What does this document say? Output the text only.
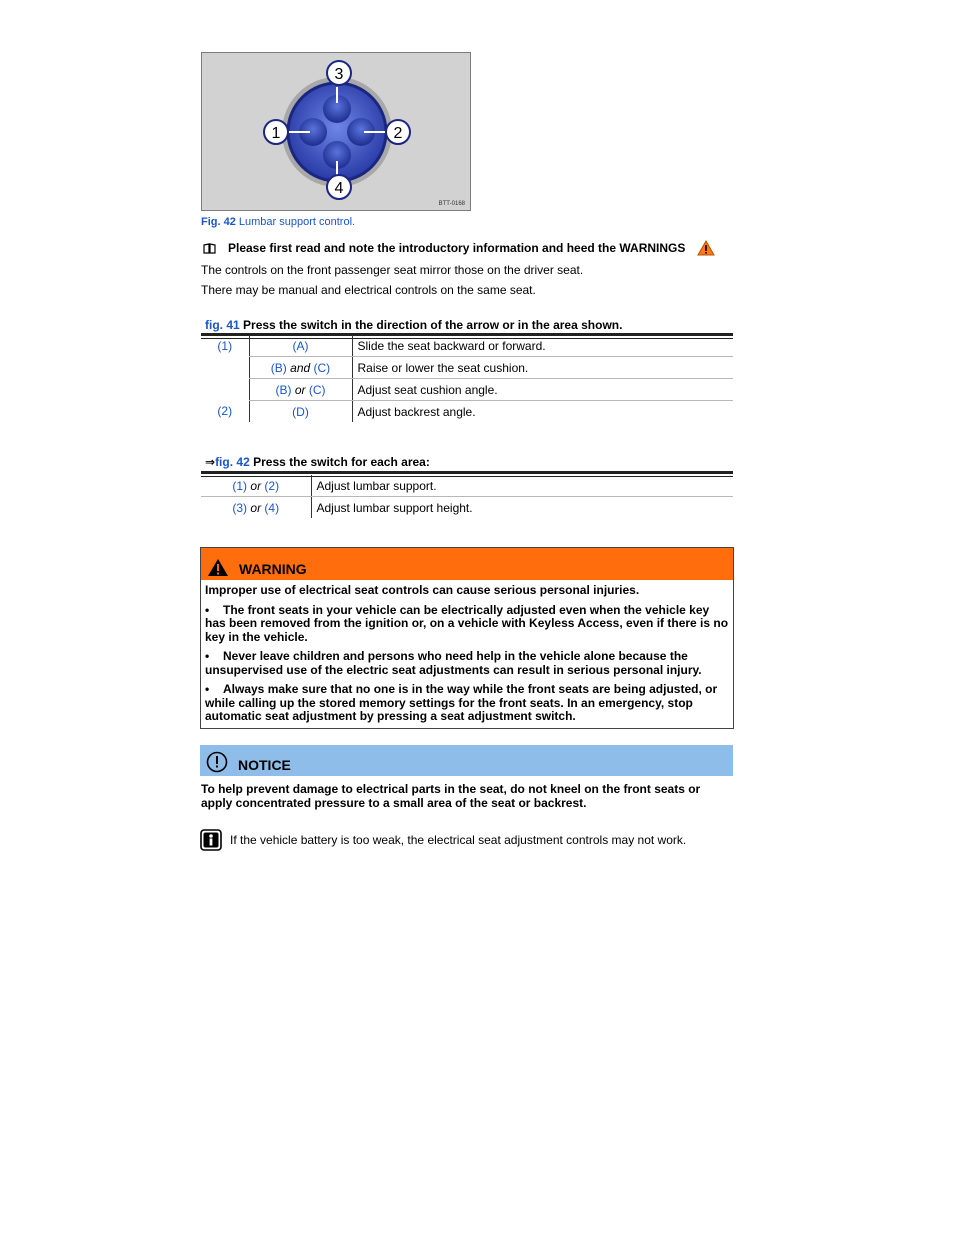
3
1	2
4
BTT-0168
Fig. 42 Lumbar support control.
Please first read and note the introductory information and heed the WARNINGS
The controls on the front passenger seat mirror those on the driver seat.
There may be manual and electrical controls on the same seat.
fig. 41 Press the switch in the direction of the arrow or in the area shown.
(1)	(A)	Slide the seat backward or forward.
	(B) and (C)	Raise or lower the seat cushion.
	(B) or (C)	Adjust seat cushion angle.
(2)	(D)	Adjust backrest angle.
⇒fig. 42 Press the switch for each area:
(1) or (2)	Adjust lumbar support.
(3) or (4)	Adjust lumbar support height.
WARNING

Improper use of electrical seat controls can cause serious personal injuries.

• The front seats in your vehicle can be electrically adjusted even when the vehicle key has been removed from the ignition or, on a vehicle with Keyless Access, even if there is no key in the vehicle.

• Never leave children and persons who need help in the vehicle alone because the unsupervised use of the electric seat adjustments can result in serious personal injury.

• Always make sure that no one is in the way while the front seats are being adjusted, or while calling up the stored memory settings for the front seats. In an emergency, stop automatic seat adjustment by pressing a seat adjustment switch.

NOTICE
To help prevent damage to electrical parts in the seat, do not kneel on the front seats or apply concentrated pressure to a small area of the seat or backrest.
If the vehicle battery is too weak, the electrical seat adjustment controls may not work.
